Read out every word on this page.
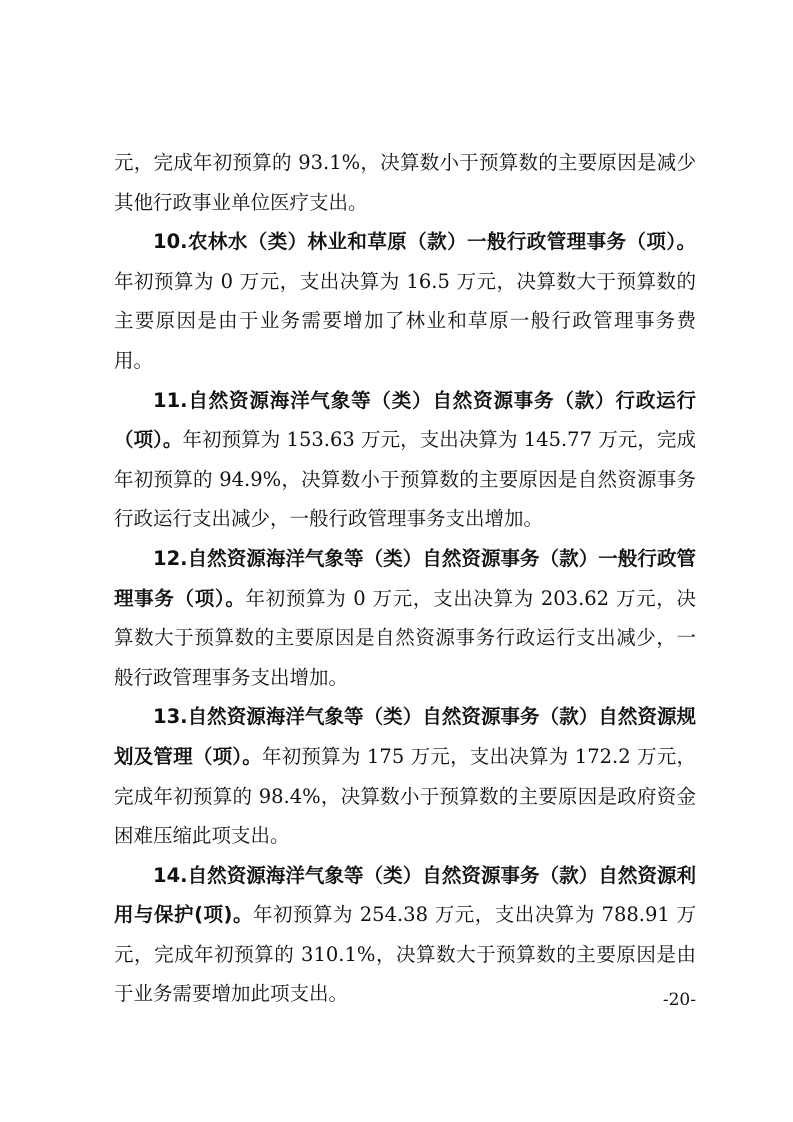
元，完成年初预算的 93.1%，决算数小于预算数的主要原因是减少其他行政事业单位医疗支出。

10.农林水（类）林业和草原（款）一般行政管理事务（项）。年初预算为 0 万元，支出决算为 16.5 万元，决算数大于预算数的主要原因是由于业务需要增加了林业和草原一般行政管理事务费用。

11.自然资源海洋气象等（类）自然资源事务（款）行政运行（项）。年初预算为 153.63 万元，支出决算为 145.77 万元，完成年初预算的 94.9%，决算数小于预算数的主要原因是自然资源事务行政运行支出减少，一般行政管理事务支出增加。

12.自然资源海洋气象等（类）自然资源事务（款）一般行政管理事务（项）。年初预算为 0 万元，支出决算为 203.62 万元，决算数大于预算数的主要原因是自然资源事务行政运行支出减少，一般行政管理事务支出增加。

13.自然资源海洋气象等（类）自然资源事务（款）自然资源规划及管理（项）。年初预算为 175 万元，支出决算为 172.2 万元，完成年初预算的 98.4%，决算数小于预算数的主要原因是政府资金困难压缩此项支出。

14.自然资源海洋气象等（类）自然资源事务（款）自然资源利用与保护(项)。年初预算为 254.38 万元，支出决算为 788.91 万元，完成年初预算的 310.1%，决算数大于预算数的主要原因是由于业务需要增加此项支出。	-20-
